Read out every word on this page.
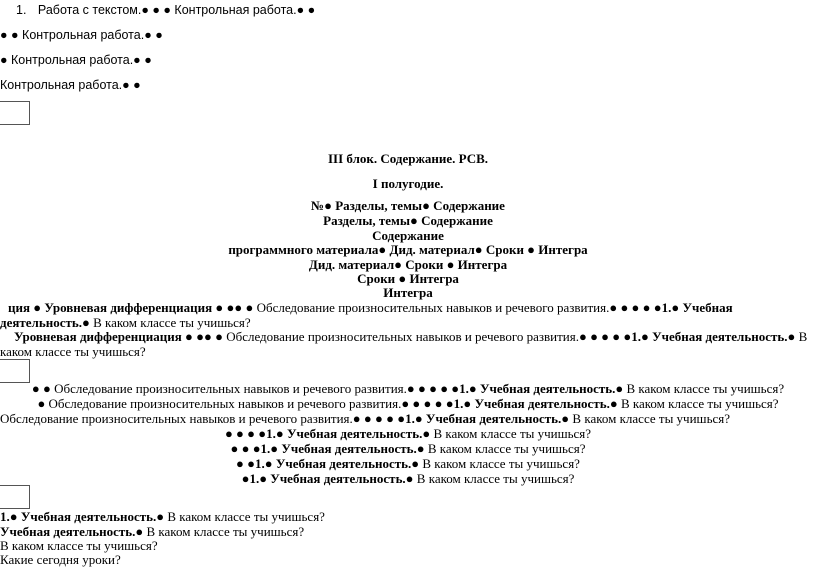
1. Работа с текстом.● ● ● Контрольная работа.● ●
● ● Контрольная работа.● ●
● Контрольная работа.● ●
Контрольная работа.● ●
III блок. Содержание. РСВ.
I полугодие.
№● Разделы, темы● Содержание
Разделы, темы● Содержание
Содержание
программного материала● Дид. материал● Сроки ● Интегра
Дид. материал● Сроки ● Интегра
Сроки ● Интегра
Интегра
ция ● Уровневая дифференциация ● ●● ● Обследование произносительных навыков и речевого развития.● ● ● ● ●1.● Учебная деятельность.● В каком классе ты учишься?
Уровневая дифференциация ● ●● ● Обследование произносительных навыков и речевого развития.● ● ● ● ●1.● Учебная деятельность.● В каком классе ты учишься?
● ● Обследование произносительных навыков и речевого развития.● ● ● ● ●1.● Учебная деятельность.● В каком классе ты учишься?
● Обследование произносительных навыков и речевого развития.● ● ● ● ●1.● Учебная деятельность.● В каком классе ты учишься?
Обследование произносительных навыков и речевого развития.● ● ● ● ●1.● Учебная деятельность.● В каком классе ты учишься?
● ● ● ●1.● Учебная деятельность.● В каком классе ты учишься?
● ● ●1.● Учебная деятельность.● В каком классе ты учишься?
● ●1.● Учебная деятельность.● В каком классе ты учишься?
●1.● Учебная деятельность.● В каком классе ты учишься?
1.● Учебная деятельность.● В каком классе ты учишься?
Учебная деятельность.● В каком классе ты учишься?
В каком классе ты учишься?
Какие сегодня уроки?
